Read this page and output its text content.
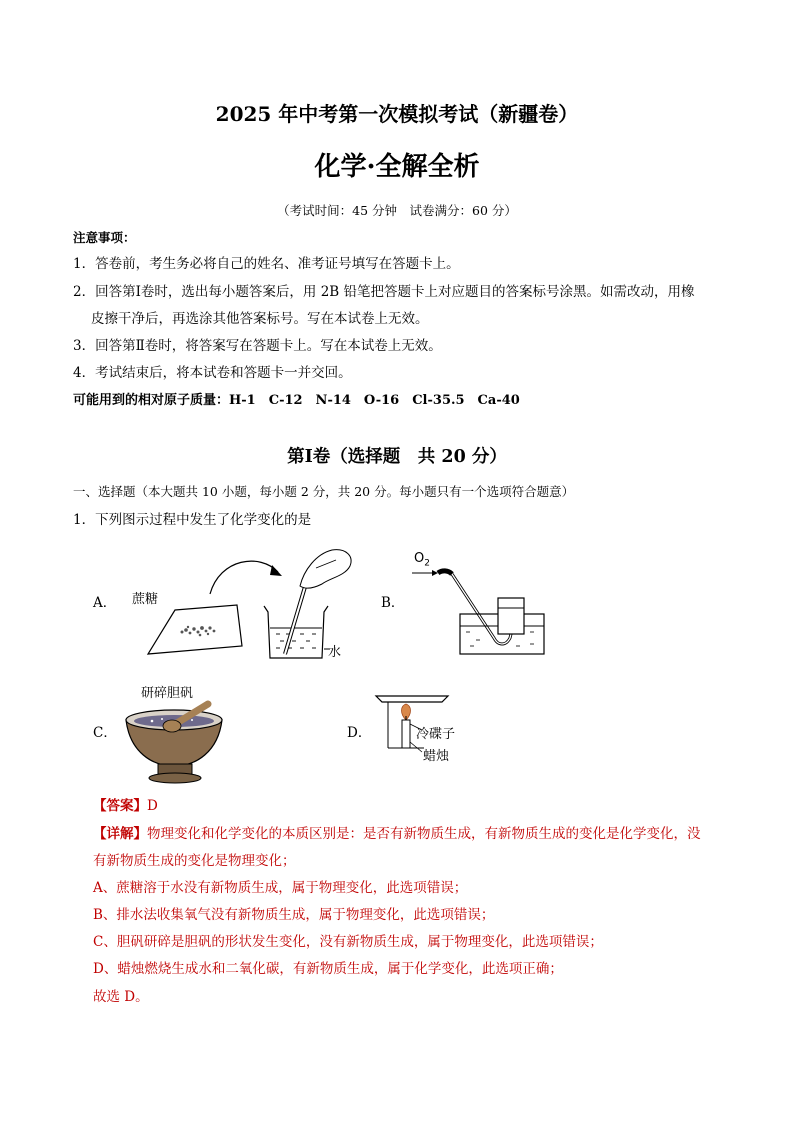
2025 年中考第一次模拟考试（新疆卷）
化学·全解全析
（考试时间：45 分钟　试卷满分：60 分）
注意事项：
1．答卷前，考生务必将自己的姓名、准考证号填写在答题卡上。
2．回答第Ⅰ卷时，选出每小题答案后，用 2B 铅笔把答题卡上对应题目的答案标号涂黑。如需改动，用橡
皮擦干净后，再选涂其他答案标号。写在本试卷上无效。
3．回答第Ⅱ卷时，将答案写在答题卡上。写在本试卷上无效。
4．考试结束后，将本试卷和答题卡一并交回。
可能用到的相对原子质量：H-1　C-12　N-14　O-16　Cl-35.5　Ca-40
第Ⅰ卷（选择题　共 20 分）
一、选择题（本大题共 10 小题，每小题 2 分，共 20 分。每小题只有一个选项符合题意）
1．下列图示过程中发生了化学变化的是
A． 蔗糖
水
B．
$O_2$
C．
研碎胆矾
D．	冷碟子
蜡烛
【答案】D
【详解】物理变化和化学变化的本质区别是：是否有新物质生成，有新物质生成的变化是化学变化，没
有新物质生成的变化是物理变化；
A、蔗糖溶于水没有新物质生成，属于物理变化，此选项错误；
B、排水法收集氧气没有新物质生成，属于物理变化，此选项错误；
C、胆矾研碎是胆矾的形状发生变化，没有新物质生成，属于物理变化，此选项错误；
D、蜡烛燃烧生成水和二氧化碳，有新物质生成，属于化学变化，此选项正确；
故选 D。
